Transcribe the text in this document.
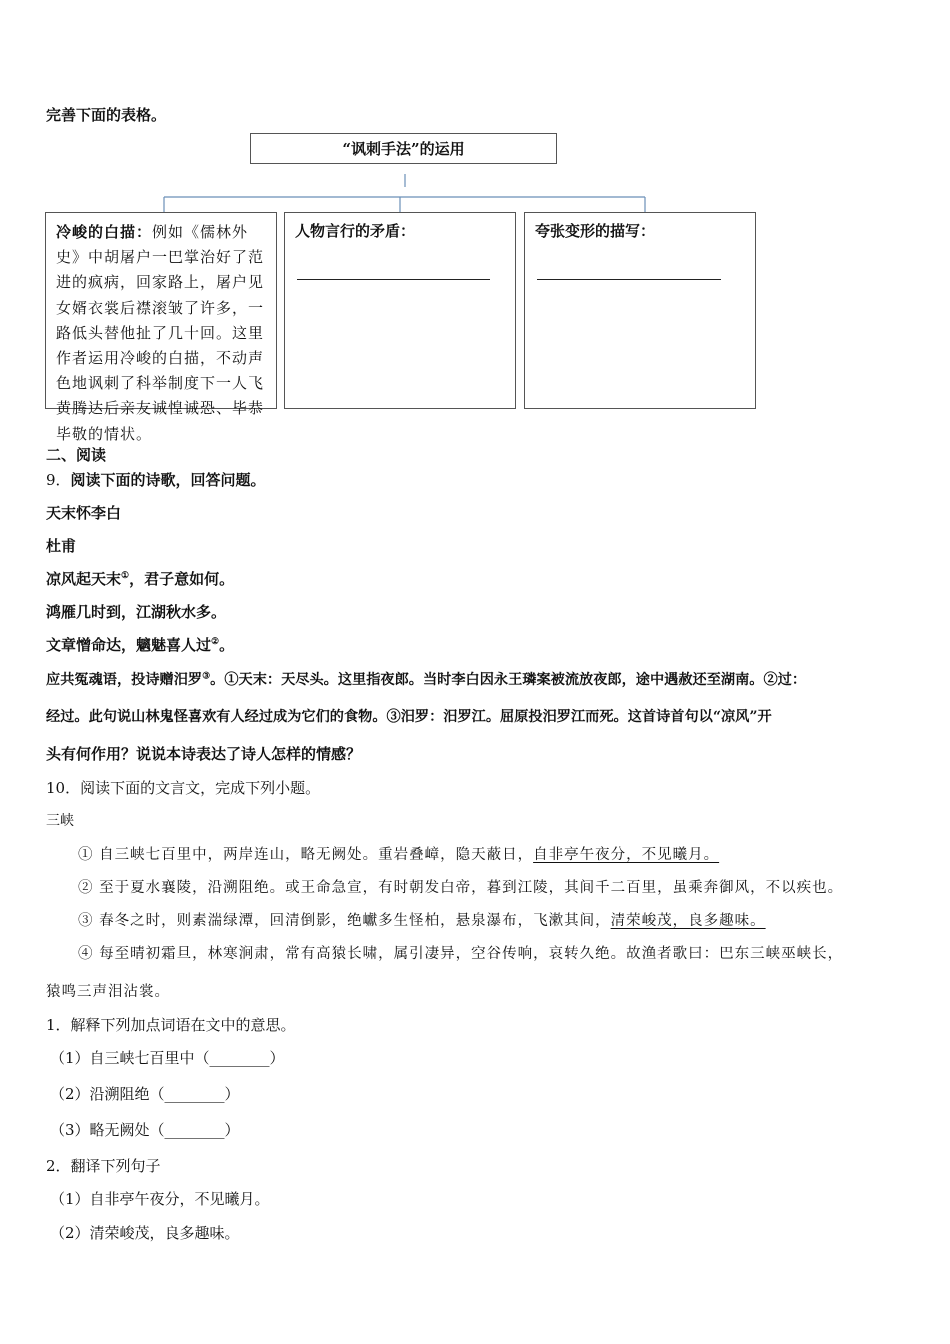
完善下面的表格。
“讽刺手法”的运用
冷峻的白描：例如《儒林外史》中胡屠户一巴掌治好了范进的疯病，回家路上，屠户见女婿衣裳后襟滚皱了许多，一路低头替他扯了几十回。这里作者运用冷峻的白描，不动声色地讽刺了科举制度下一人飞黄腾达后亲友诚惶诚恐、毕恭毕敬的情状。
人物言行的矛盾：	夸张变形的描写：
二、阅读
9．阅读下面的诗歌，回答问题。
天末怀李白
杜甫
凉风起天末①，君子意如何。
鸿雁几时到，江湖秋水多。
文章憎命达，魑魅喜人过②。
应共冤魂语，投诗赠汨罗③。①天末：天尽头。这里指夜郎。当时李白因永王璘案被流放夜郎，途中遇赦还至湖南。②过：
经过。此句说山林鬼怪喜欢有人经过成为它们的食物。③汨罗：汨罗江。屈原投汨罗江而死。这首诗首句以“凉风”开
头有何作用？说说本诗表达了诗人怎样的情感？
10．阅读下面的文言文，完成下列小题。
三峡
① 自三峡七百里中，两岸连山，略无阙处。重岩叠嶂，隐天蔽日，自非亭午夜分，不见曦月。
② 至于夏水襄陵，沿溯阻绝。或王命急宣，有时朝发白帝，暮到江陵，其间千二百里，虽乘奔御风，不以疾也。
③ 春冬之时，则素湍绿潭，回清倒影，绝巘多生怪柏，悬泉瀑布，飞漱其间，清荣峻茂，良多趣味。
④ 每至晴初霜旦，林寒涧肃，常有高猿长啸，属引凄异，空谷传响，哀转久绝。故渔者歌曰：巴东三峡巫峡长，
猿鸣三声泪沾裳。
1．解释下列加点词语在文中的意思。
（1）自三峡七百里中（________）
（2）沿溯阻绝（________）
（3）略无阙处（________）
2．翻译下列句子
（1）自非亭午夜分，不见曦月。
（2）清荣峻茂，良多趣味。
